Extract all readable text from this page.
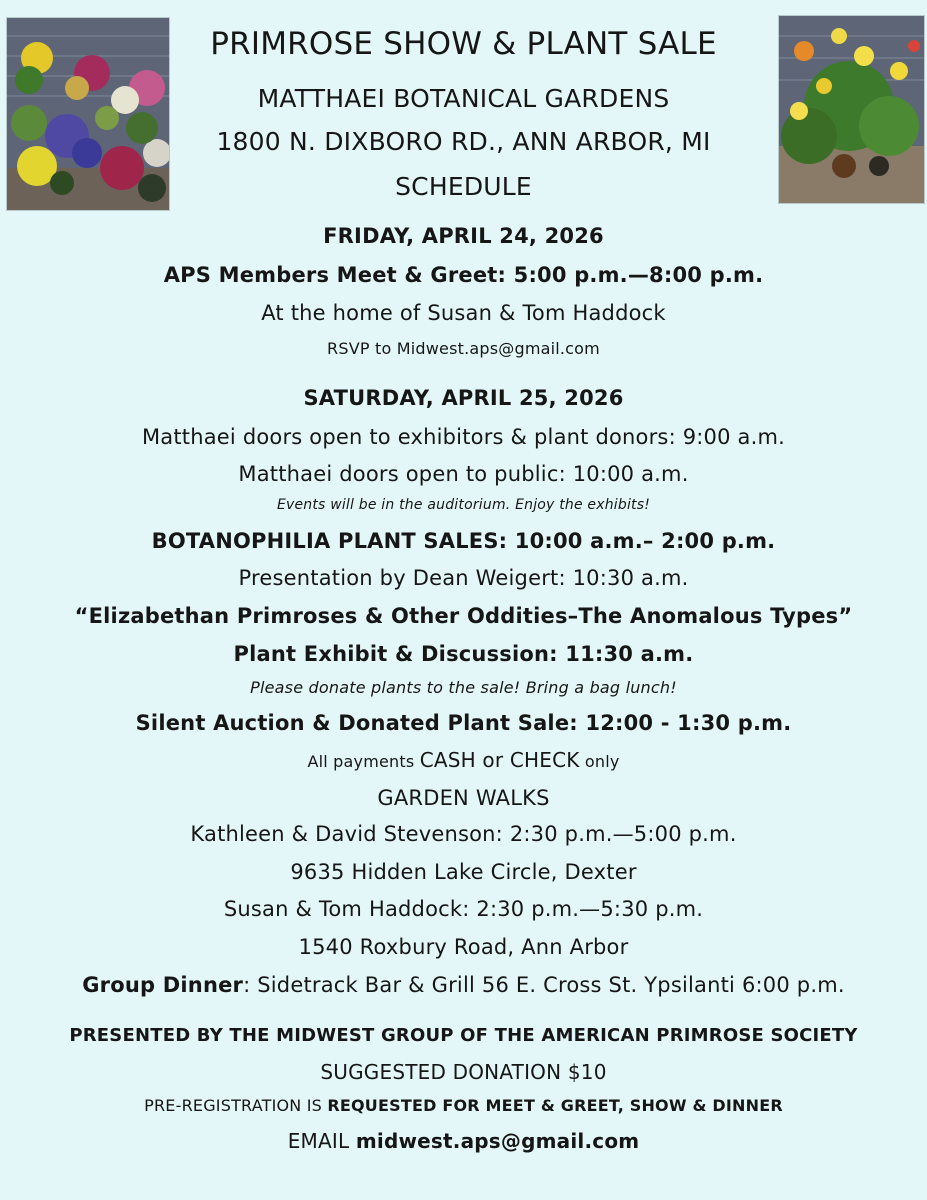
PRIMROSE SHOW & PLANT SALE
MATTHAEI BOTANICAL GARDENS
1800 N. DIXBORO RD., ANN ARBOR, MI
SCHEDULE
FRIDAY, APRIL 24, 2026
APS Members Meet & Greet: 5:00 p.m.—8:00 p.m.
At the home of Susan & Tom Haddock
RSVP to Midwest.aps@gmail.com
SATURDAY, APRIL 25, 2026
Matthaei doors open to exhibitors & plant donors: 9:00 a.m.
Matthaei doors open to public: 10:00 a.m.
Events will be in the auditorium. Enjoy the exhibits!
BOTANOPHILIA PLANT SALES: 10:00 a.m.– 2:00 p.m.
Presentation by Dean Weigert: 10:30 a.m.
“Elizabethan Primroses & Other Oddities–The Anomalous Types”
Plant Exhibit & Discussion: 11:30 a.m.
Please donate plants to the sale! Bring a bag lunch!
Silent Auction & Donated Plant Sale: 12:00 - 1:30 p.m.
All payments CASH or CHECK only
GARDEN WALKS
Kathleen & David Stevenson: 2:30 p.m.—5:00 p.m.
9635 Hidden Lake Circle, Dexter
Susan & Tom Haddock: 2:30 p.m.—5:30 p.m.
1540 Roxbury Road, Ann Arbor
Group Dinner: Sidetrack Bar & Grill 56 E. Cross St. Ypsilanti 6:00 p.m.
PRESENTED BY THE MIDWEST GROUP OF THE AMERICAN PRIMROSE SOCIETY
SUGGESTED DONATION $10
PRE-REGISTRATION IS REQUESTED FOR MEET & GREET, SHOW & DINNER
EMAIL midwest.aps@gmail.com
